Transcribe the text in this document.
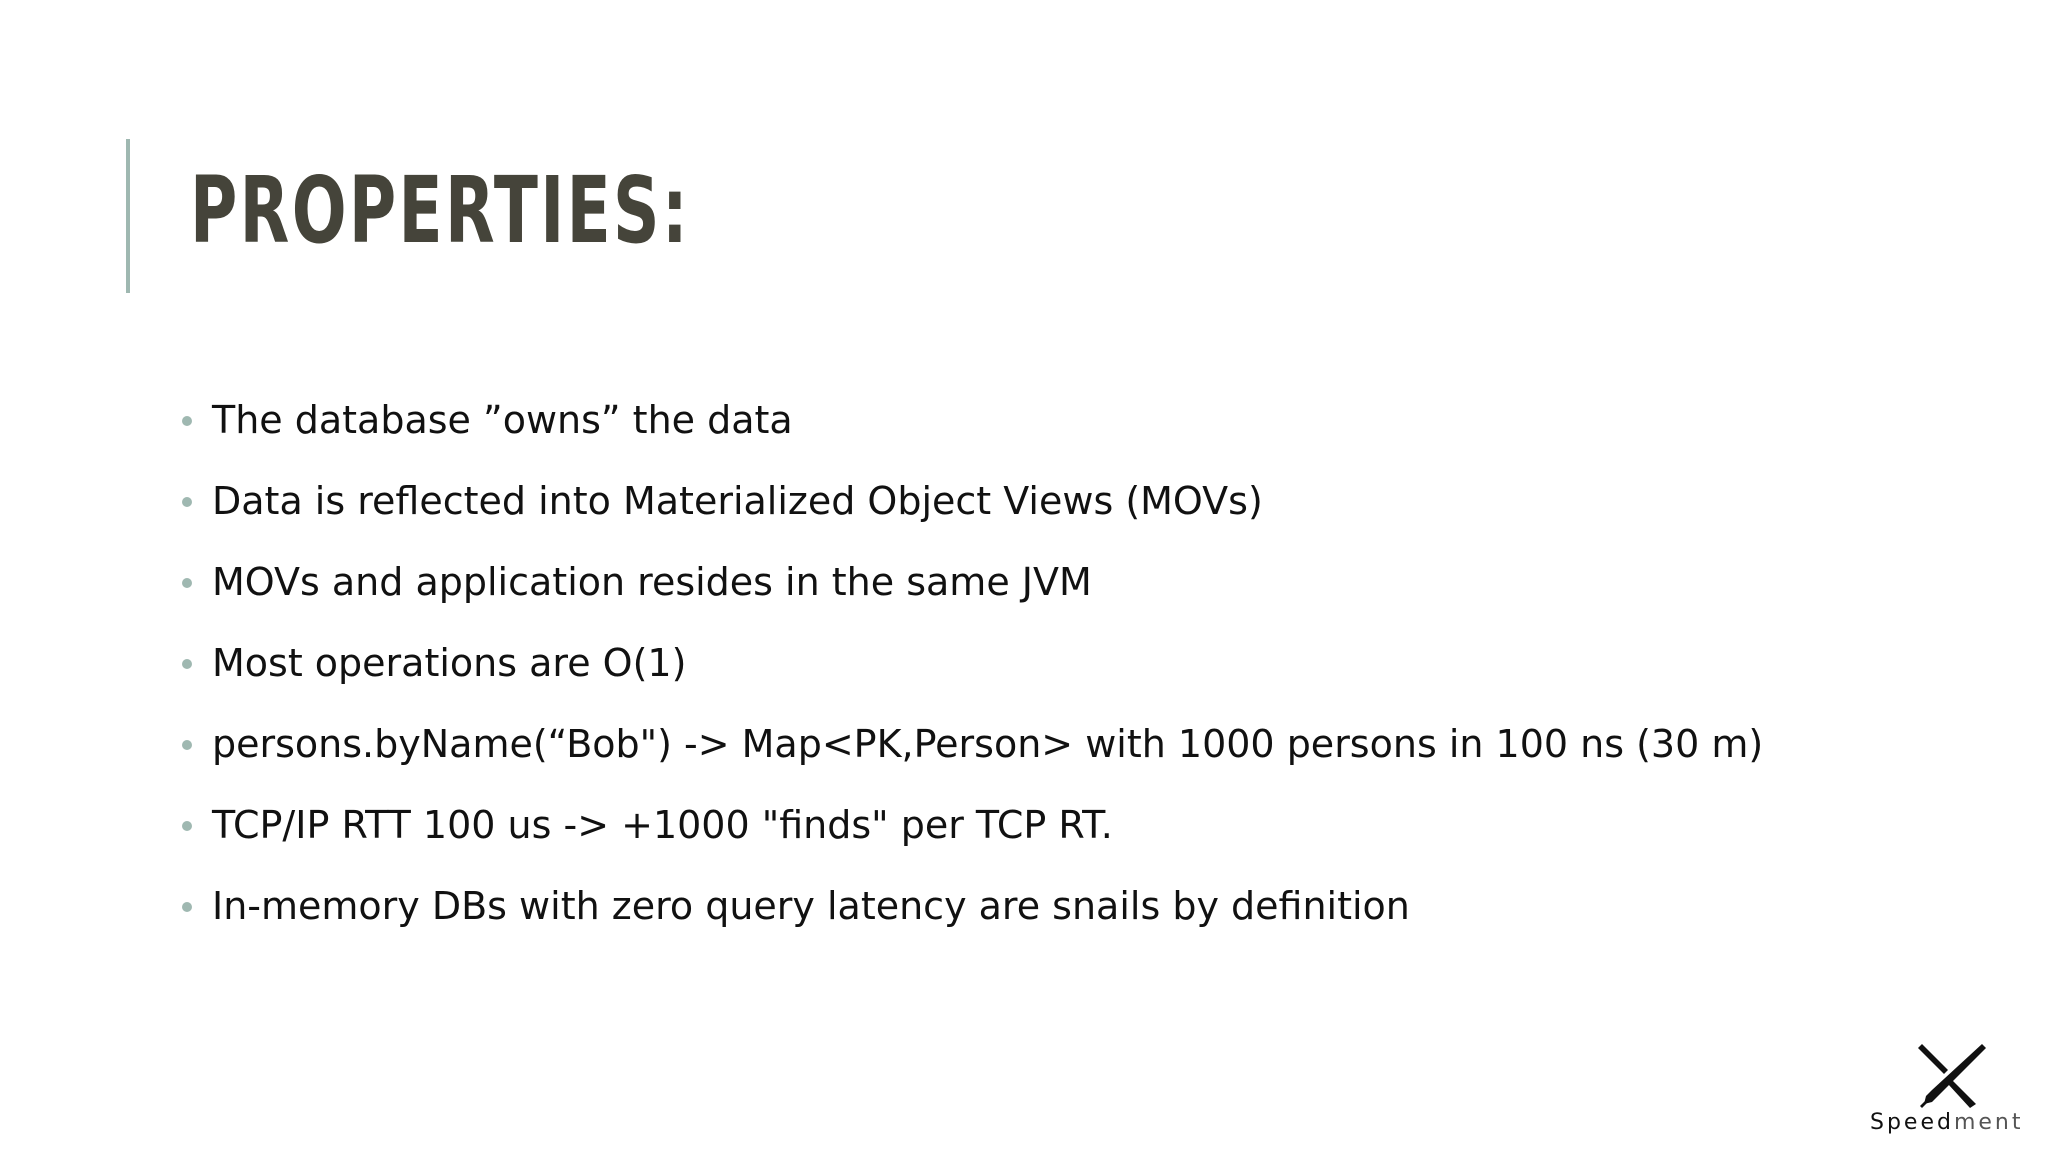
PROPERTIES:
The database ”owns” the data
Data is reflected into Materialized Object Views (MOVs)
MOVs and application resides in the same JVM
Most operations are O(1)
persons.byName(“Bob") -> Map<PK,Person> with 1000 persons in 100 ns (30 m)
TCP/IP RTT 100 us -> +1000 "finds" per TCP RT.
In-memory DBs with zero query latency are snails by definition
Speedment
